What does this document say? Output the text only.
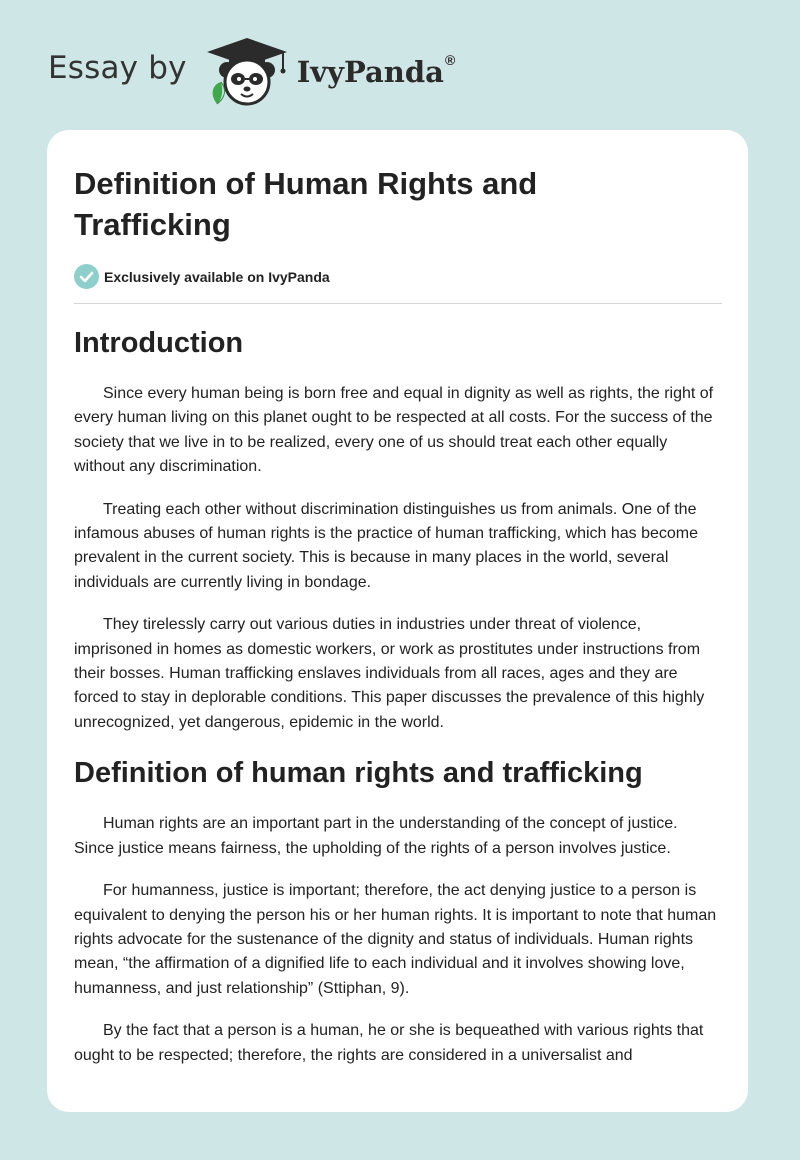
Essay by	IvyPanda ®
Definition of Human Rights and Trafficking
Exclusively available on IvyPanda
Introduction

Since every human being is born free and equal in dignity as well as rights, the right of every human living on this planet ought to be respected at all costs. For the success of the society that we live in to be realized, every one of us should treat each other equally without any discrimination.

Treating each other without discrimination distinguishes us from animals. One of the infamous abuses of human rights is the practice of human trafficking, which has become prevalent in the current society. This is because in many places in the world, several individuals are currently living in bondage.

They tirelessly carry out various duties in industries under threat of violence, imprisoned in homes as domestic workers, or work as prostitutes under instructions from their bosses. Human trafficking enslaves individuals from all races, ages and they are forced to stay in deplorable conditions. This paper discusses the prevalence of this highly unrecognized, yet dangerous, epidemic in the world.

Definition of human rights and trafficking

Human rights are an important part in the understanding of the concept of justice. Since justice means fairness, the upholding of the rights of a person involves justice.

For humanness, justice is important; therefore, the act denying justice to a person is equivalent to denying the person his or her human rights. It is important to note that human rights advocate for the sustenance of the dignity and status of individuals. Human rights mean, “the affirmation of a dignified life to each individual and it involves showing love, humanness, and just relationship” (Sttiphan, 9).

By the fact that a person is a human, he or she is bequeathed with various rights that ought to be respected; therefore, the rights are considered in a universalist and
